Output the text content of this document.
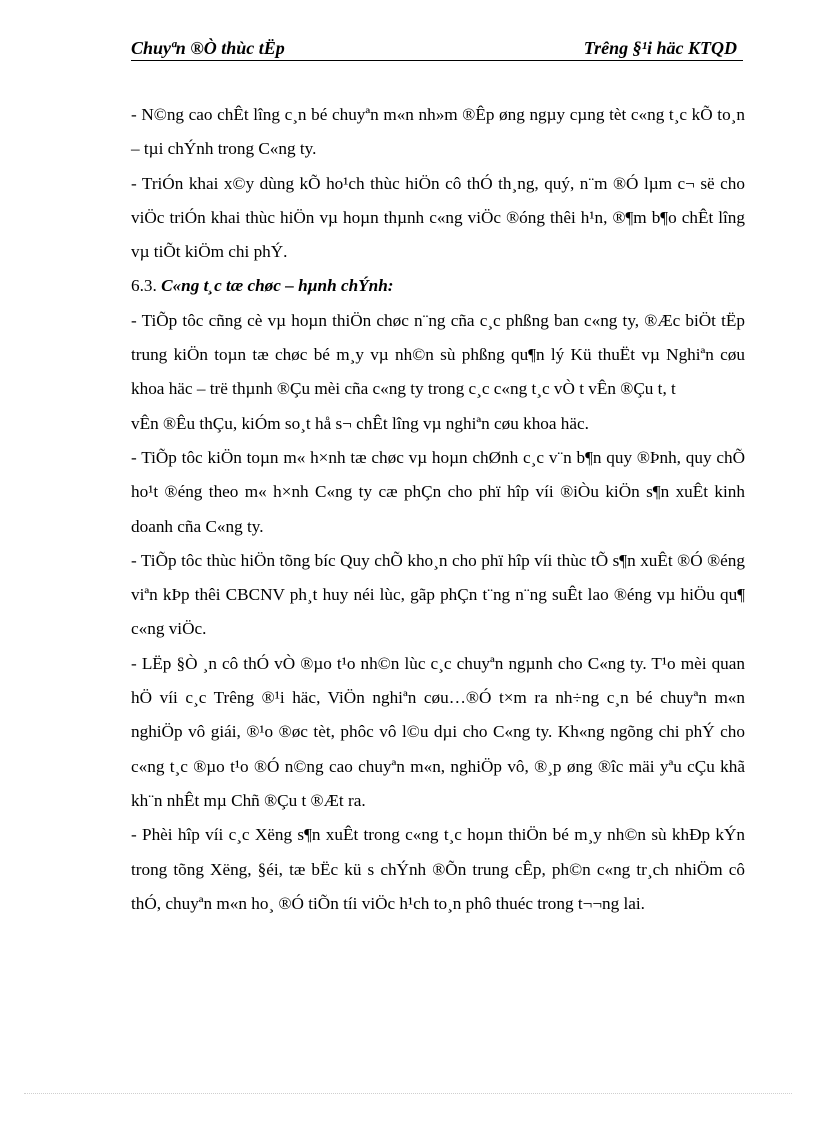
Chuyªn ®Ò thùc tËp	Trêng §¹i häc KTQD

- N©ng cao chÊt lîng c¸n bé chuyªn m«n nh»m ®Êp øng ngµy cµng tèt c«ng t¸c kÕ to¸n – tµi chÝnh trong C«ng ty.

- TriÓn khai x©y dùng kÕ ho¹ch thùc hiÖn cô thÓ th¸ng, quý, n¨m ®Ó lµm c¬ së cho viÖc triÓn khai thùc hiÖn vµ hoµn thµnh c«ng viÖc ®óng thêi h¹n, ®¶m b¶o chÊt lîng vµ tiÕt kiÖm chi phÝ.

6.3. C«ng t¸c tæ chøc – hµnh chÝnh:

- TiÕp tôc cñng cè vµ hoµn thiÖn chøc n¨ng cña c¸c phßng ban c«ng ty, ®Æc biÖt tËp trung kiÖn toµn tæ chøc bé m¸y vµ nh©n sù phßng qu¶n lý Kü thuËt vµ Nghiªn cøu khoa häc – trë thµnh ®Çu mèi cña c«ng ty trong c¸c c«ng t¸c vÒ t vÊn ®Çu t, t

vÊn ®Êu thÇu, kiÓm so¸t hå s¬ chÊt lîng vµ nghiªn cøu khoa häc.

- TiÕp tôc kiÖn toµn m« h×nh tæ chøc vµ hoµn chØnh c¸c v¨n b¶n quy ®Þnh, quy chÕ ho¹t ®éng theo m« h×nh C«ng ty cæ phÇn cho phï hîp víi ®iÒu kiÖn s¶n xuÊt kinh doanh cña C«ng ty.

- TiÕp tôc thùc hiÖn tõng bíc Quy chÕ kho¸n cho phï hîp víi thùc tÕ s¶n xuÊt ®Ó ®éng viªn kÞp thêi CBCNV ph¸t huy néi lùc, gãp phÇn t¨ng n¨ng suÊt lao ®éng vµ hiÖu qu¶ c«ng viÖc.

- LËp §Ò ¸n cô thÓ vÒ ®µo t¹o nh©n lùc c¸c chuyªn ngµnh cho C«ng ty. T¹o mèi quan hÖ víi c¸c Trêng ®¹i häc, ViÖn nghiªn cøu…®Ó t×m ra nh÷ng c¸n bé chuyªn m«n nghiÖp vô giái, ®¹o ®øc tèt, phôc vô l©u dµi cho C«ng ty. Kh«ng ngõng chi phÝ cho c«ng t¸c ®µo t¹o ®Ó n©ng cao chuyªn m«n, nghiÖp vô, ®¸p øng ®îc mäi yªu cÇu khã kh¨n nhÊt mµ Chñ ®Çu t ®Æt ra.

- Phèi hîp víi c¸c Xëng s¶n xuÊt trong c«ng t¸c hoµn thiÖn bé m¸y nh©n sù khÐp kÝn trong tõng Xëng, §éi, tæ bËc kü s chÝnh ®Õn trung cÊp, ph©n c«ng tr¸ch nhiÖm cô thÓ, chuyªn m«n ho¸ ®Ó tiÕn tíi viÖc h¹ch to¸n phô thuéc trong t¬¬ng lai.
